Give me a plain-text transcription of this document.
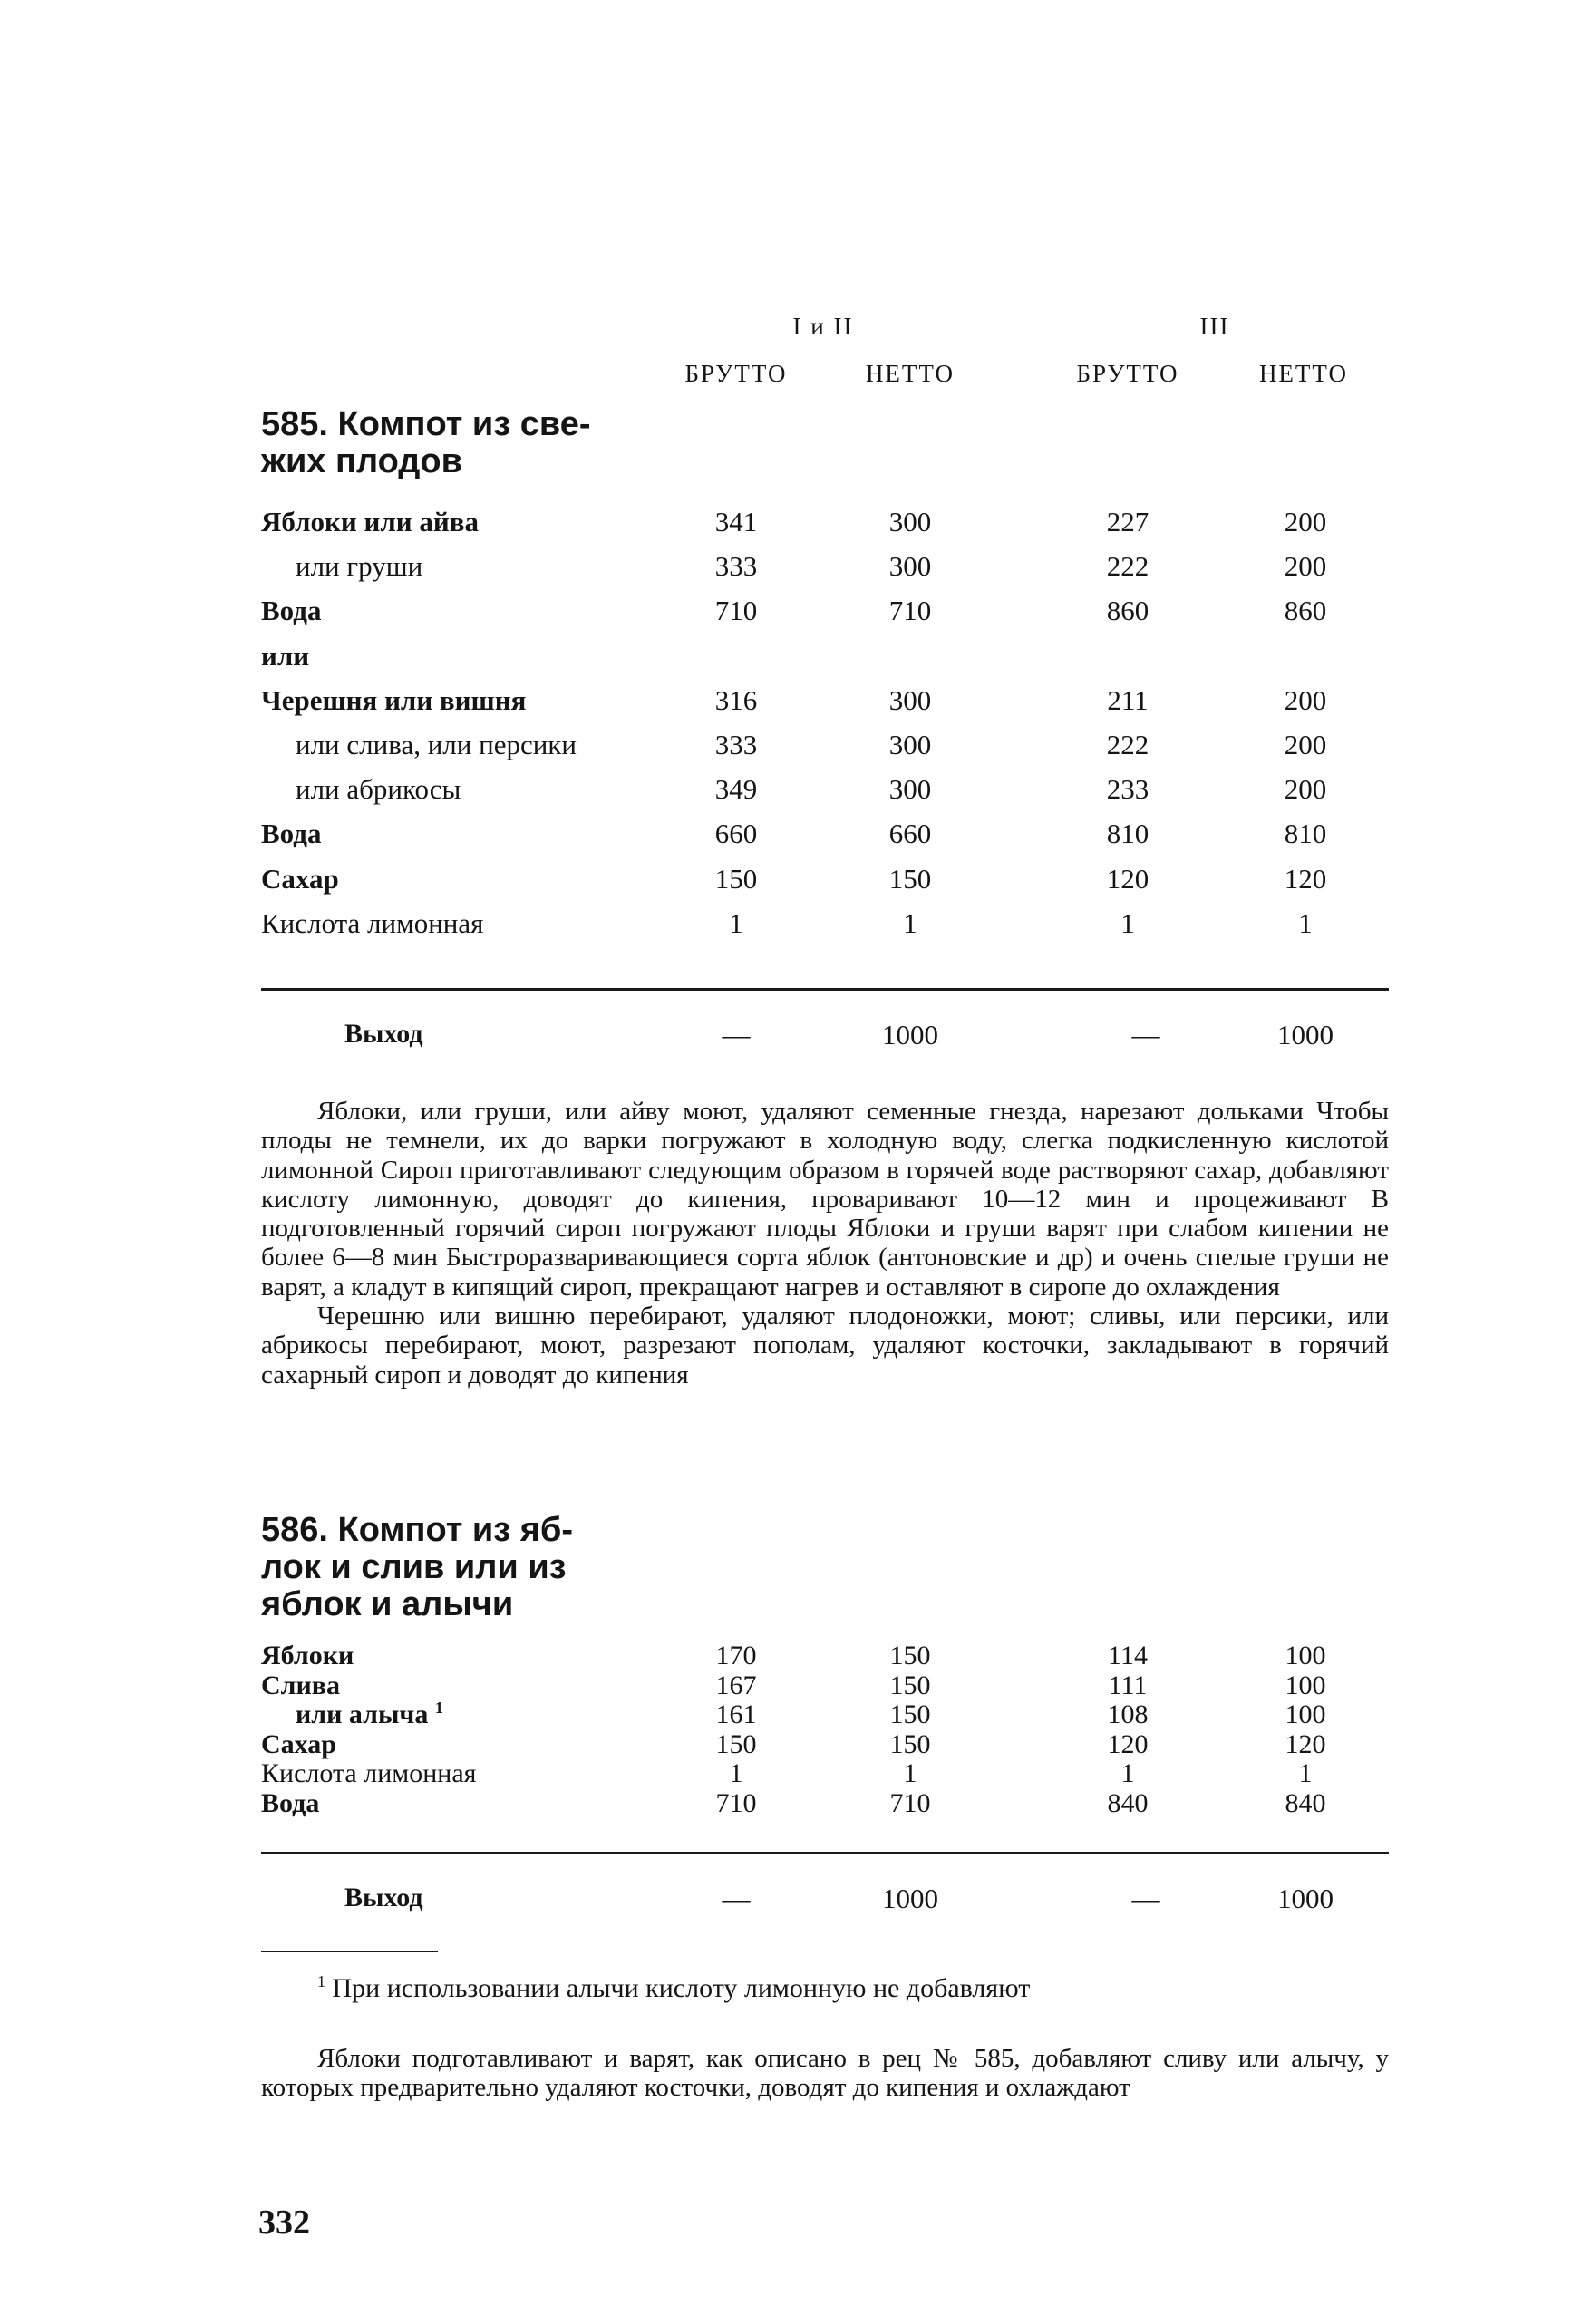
I и II	III
БРУТТО	НЕТТО	БРУТТО	НЕТТО
585. Компот из све-
жих плодов
Яблоки или айва	341	300	227	200
или груши	333	300	222	200
Вода	710	710	860	860
или
Черешня или вишня	316	300	211	200
или слива, или персики	333	300	222	200
или абрикосы	349	300	233	200
Вода	660	660	810	810
Сахар	150	150	120	120
Кислота лимонная	1	1	1	1
Выход	—	1000	—	1000

Яблоки, или груши, или айву моют, удаляют семенные гнезда, нарезают дольками Чтобы плоды не темнели, их до варки погружают в холодную воду, слегка подкисленную кислотой лимонной Сироп приготавливают следующим образом в горячей воде растворяют сахар, добавляют кислоту лимонную, доводят до кипения, проваривают 10—12 мин и процеживают В подготовленный горячий сироп погружают плоды Яблоки и груши варят при слабом кипении не более 6—8 мин Быстроразваривающиеся сорта яблок (антоновские и др) и очень спелые груши не варят, а кладут в кипящий сироп, прекращают нагрев и оставляют в сиропе до охлаждения

Черешню или вишню перебирают, удаляют плодоножки, моют; сливы, или персики, или абрикосы перебирают, моют, разрезают пополам, удаляют косточки, закладывают в горячий сахарный сироп и доводят до кипения

586. Компот из яб-
лок и слив или из
яблок и алычи
Яблоки	170	150	114	100
Слива	167	150	111	100
или алыча $^1$	161	150	108	100
Сахар	150	150	120	120
Кислота лимонная	1	1	1	1
Вода	710	710	840	840
Выход	—	1000	—	1000
$^1$ При использовании алычи кислоту лимонную не добавляют

Яблоки подготавливают и варят, как описано в рец № 585, добавляют сливу или алычу, у которых предварительно удаляют косточки, доводят до кипения и охлаждают

332
